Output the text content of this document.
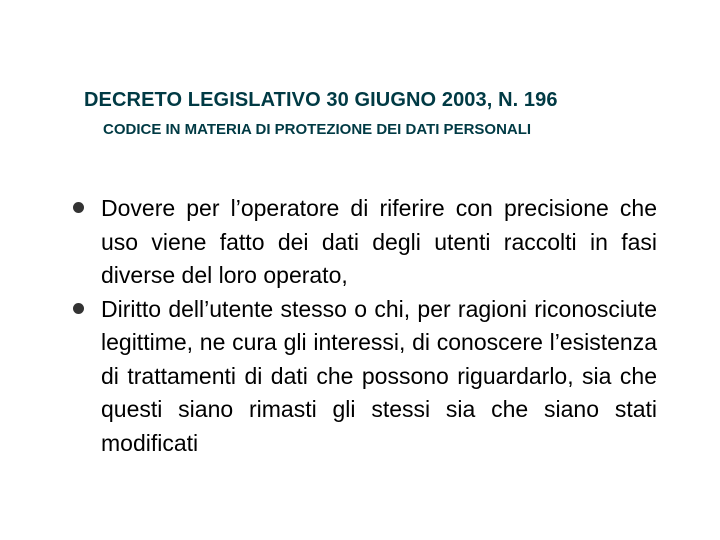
DECRETO LEGISLATIVO 30 GIUGNO 2003, N. 196
CODICE IN MATERIA DI PROTEZIONE DEI DATI PERSONALI
Dovere per l’operatore di riferire con precisione che uso viene fatto dei dati degli utenti raccolti in fasi diverse del loro operato,
Diritto dell’utente stesso o chi, per ragioni riconosciute legittime, ne cura gli interessi, di conoscere l’esistenza di trattamenti di dati che possono riguardarlo, sia che questi siano rimasti gli stessi sia che siano stati modificati
